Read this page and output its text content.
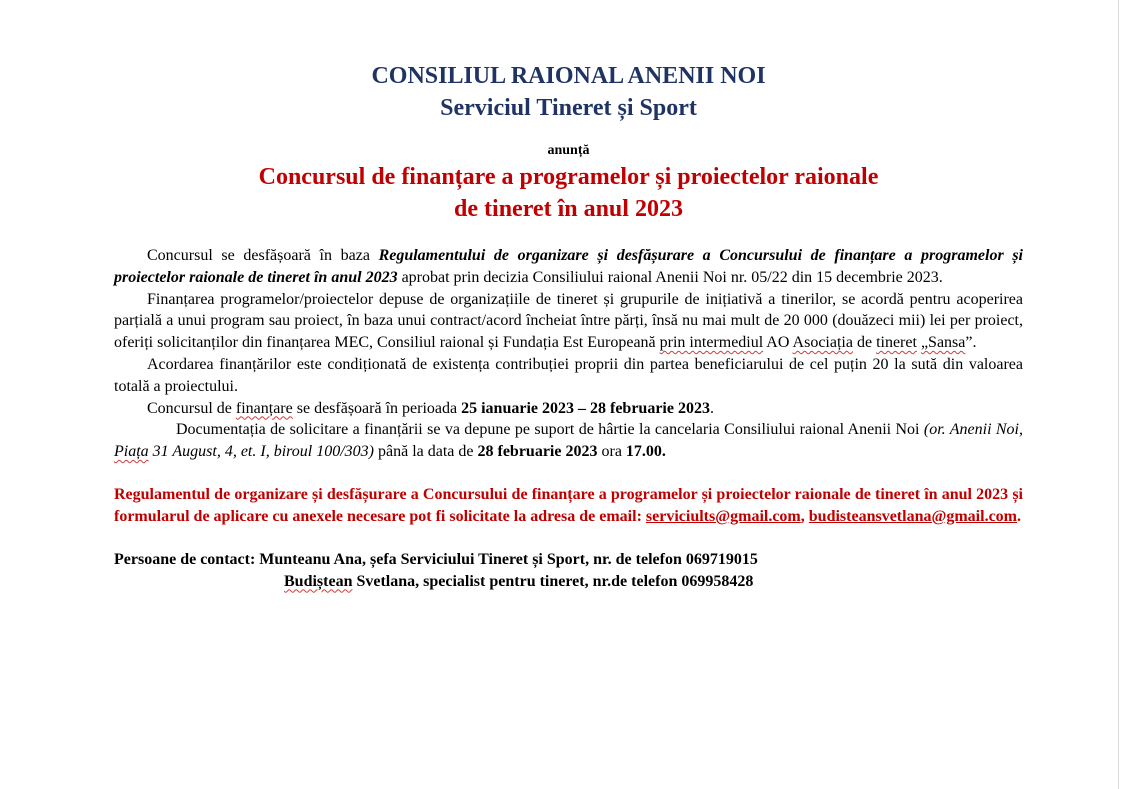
CONSILIUL RAIONAL ANENII NOI
Serviciul Tineret și Sport
anunță
Concursul de finanțare a programelor și proiectelor raionale
de tineret în anul 2023

Concursul se desfășoară în baza Regulamentului de organizare și desfășurare a Concursului de finanțare a programelor și proiectelor raionale de tineret în anul 2023 aprobat prin decizia Consiliului raional Anenii Noi nr. 05/22 din 15 decembrie 2023.

Finanțarea programelor/proiectelor depuse de organizațiile de tineret și grupurile de inițiativă a tinerilor, se acordă pentru acoperirea parțială a unui program sau proiect, în baza unui contract/acord încheiat între părți, însă nu mai mult de 20 000 (douăzeci mii) lei per proiect, oferiți solicitanților din finanțarea MEC, Consiliul raional și Fundația Est Europeană prin intermediul AO Asociația de tineret „Sansa”.

Acordarea finanțărilor este condiționată de existența contribuției proprii din partea beneficiarului de cel puțin 20 la sută din valoarea totală a proiectului.

Concursul de finanțare se desfășoară în perioada 25 ianuarie 2023 – 28 februarie 2023.

Documentația de solicitare a finanțării se va depune pe suport de hârtie la cancelaria Consiliului raional Anenii Noi (or. Anenii Noi, Piața 31 August, 4, et. I, biroul 100/303) până la data de 28 februarie 2023 ora 17.00.

Regulamentul de organizare și desfășurare a Concursului de finanțare a programelor și proiectelor raionale de tineret în anul 2023 și formularul de aplicare cu anexele necesare pot fi solicitate la adresa de email: serviciults@gmail.com, budisteansvetlana@gmail.com.
Persoane de contact: Munteanu Ana, șefa Serviciului Tineret și Sport, nr. de telefon 069719015
Budiștean Svetlana, specialist pentru tineret, nr.de telefon 069958428
